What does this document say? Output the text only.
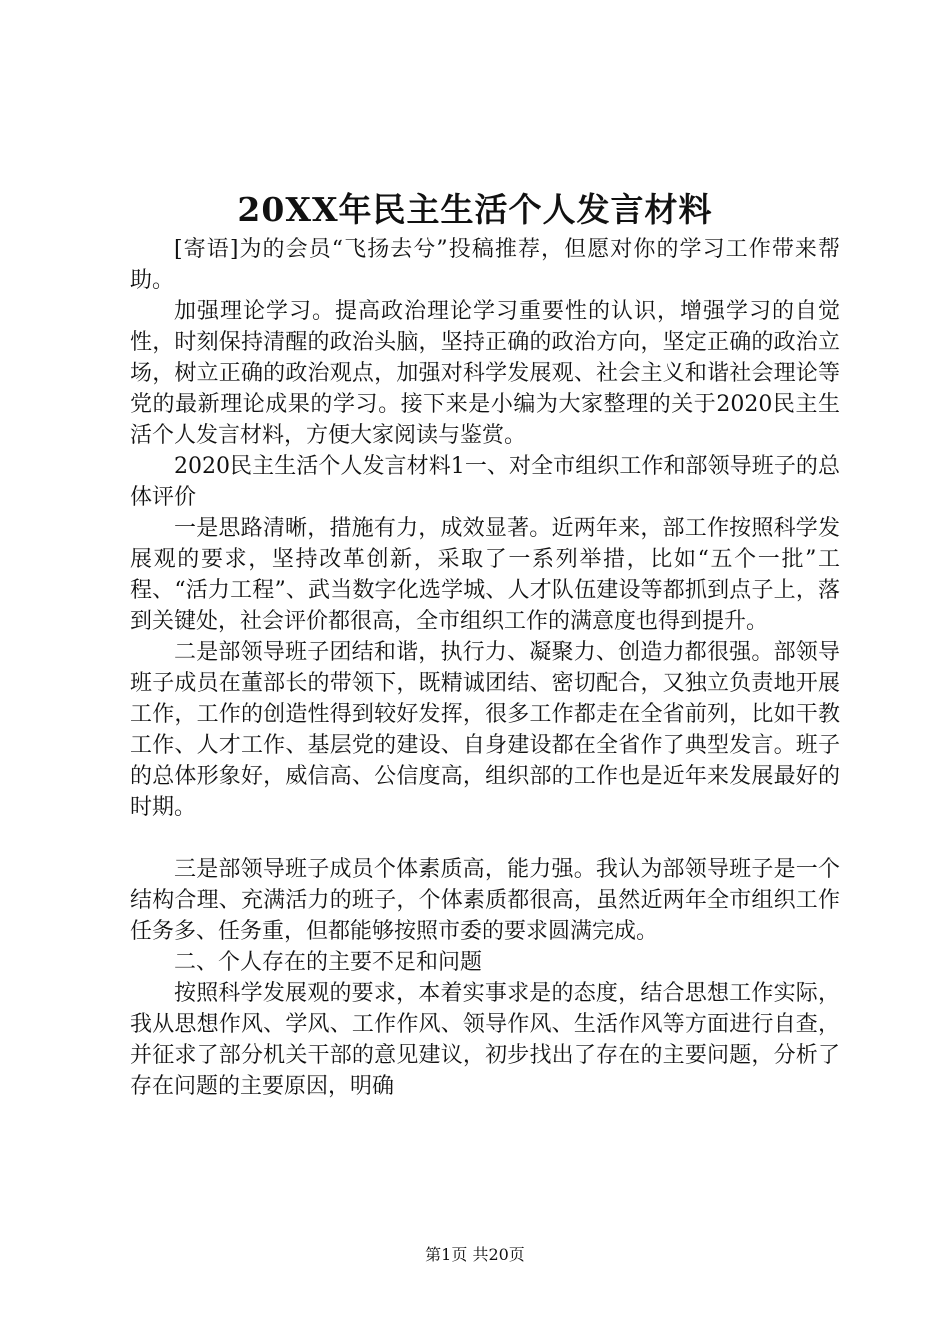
20XX年民主生活个人发言材料

[寄语]为的会员“飞扬去兮”投稿推荐，但愿对你的学习工作带来帮助。

加强理论学习。提高政治理论学习重要性的认识，增强学习的自觉性，时刻保持清醒的政治头脑，坚持正确的政治方向，坚定正确的政治立场，树立正确的政治观点，加强对科学发展观、社会主义和谐社会理论等党的最新理论成果的学习。接下来是小编为大家整理的关于2020民主生活个人发言材料，方便大家阅读与鉴赏。

2020民主生活个人发言材料1一、对全市组织工作和部领导班子的总体评价

一是思路清晰，措施有力，成效显著。近两年来，部工作按照科学发展观的要求，坚持改革创新，采取了一系列举措，比如“五个一批”工程、“活力工程”、武当数字化选学城、人才队伍建设等都抓到点子上，落到关键处，社会评价都很高，全市组织工作的满意度也得到提升。

二是部领导班子团结和谐，执行力、凝聚力、创造力都很强。部领导班子成员在董部长的带领下，既精诚团结、密切配合，又独立负责地开展工作，工作的创造性得到较好发挥，很多工作都走在全省前列，比如干教工作、人才工作、基层党的建设、自身建设都在全省作了典型发言。班子的总体形象好，威信高、公信度高，组织部的工作也是近年来发展最好的时期。

三是部领导班子成员个体素质高，能力强。我认为部领导班子是一个结构合理、充满活力的班子，个体素质都很高，虽然近两年全市组织工作任务多、任务重，但都能够按照市委的要求圆满完成。

二、个人存在的主要不足和问题

按照科学发展观的要求，本着实事求是的态度，结合思想工作实际，我从思想作风、学风、工作作风、领导作风、生活作风等方面进行自查，并征求了部分机关干部的意见建议，初步找出了存在的主要问题，分析了存在问题的主要原因，明确

第1页 共20页
